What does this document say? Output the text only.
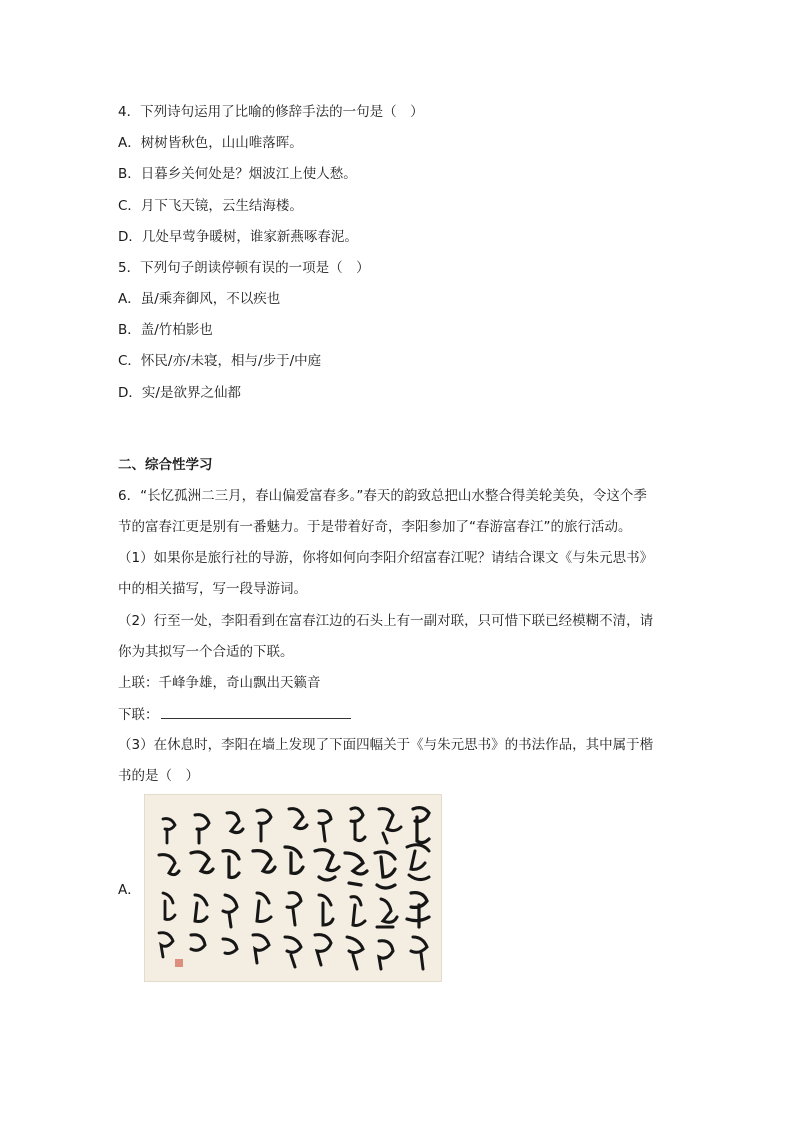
4．下列诗句运用了比喻的修辞手法的一句是（　）
A．树树皆秋色，山山唯落晖。
B．日暮乡关何处是？烟波江上使人愁。
C．月下飞天镜，云生结海楼。
D．几处早莺争暖树，谁家新燕啄春泥。
5．下列句子朗读停顿有误的一项是（　）
A．虽/乘奔御风，不以疾也
B．盖/竹柏影也
C．怀民/亦/未寝，相与/步于/中庭
D．实/是欲界之仙都
二、综合性学习
6．“长忆孤洲二三月，春山偏爱富春多。”春天的韵致总把山水整合得美轮美奂，令这个季
节的富春江更是别有一番魅力。于是带着好奇，李阳参加了“春游富春江”的旅行活动。
（1）如果你是旅行社的导游，你将如何向李阳介绍富春江呢？请结合课文《与朱元思书》
中的相关描写，写一段导游词。
（2）行至一处，李阳看到在富春江边的石头上有一副对联，只可惜下联已经模糊不清，请
你为其拟写一个合适的下联。
上联：千峰争雄，奇山飘出天籁音
下联：
（3）在休息时，李阳在墙上发现了下面四幅关于《与朱元思书》的书法作品，其中属于楷
书的是（　）
A．
